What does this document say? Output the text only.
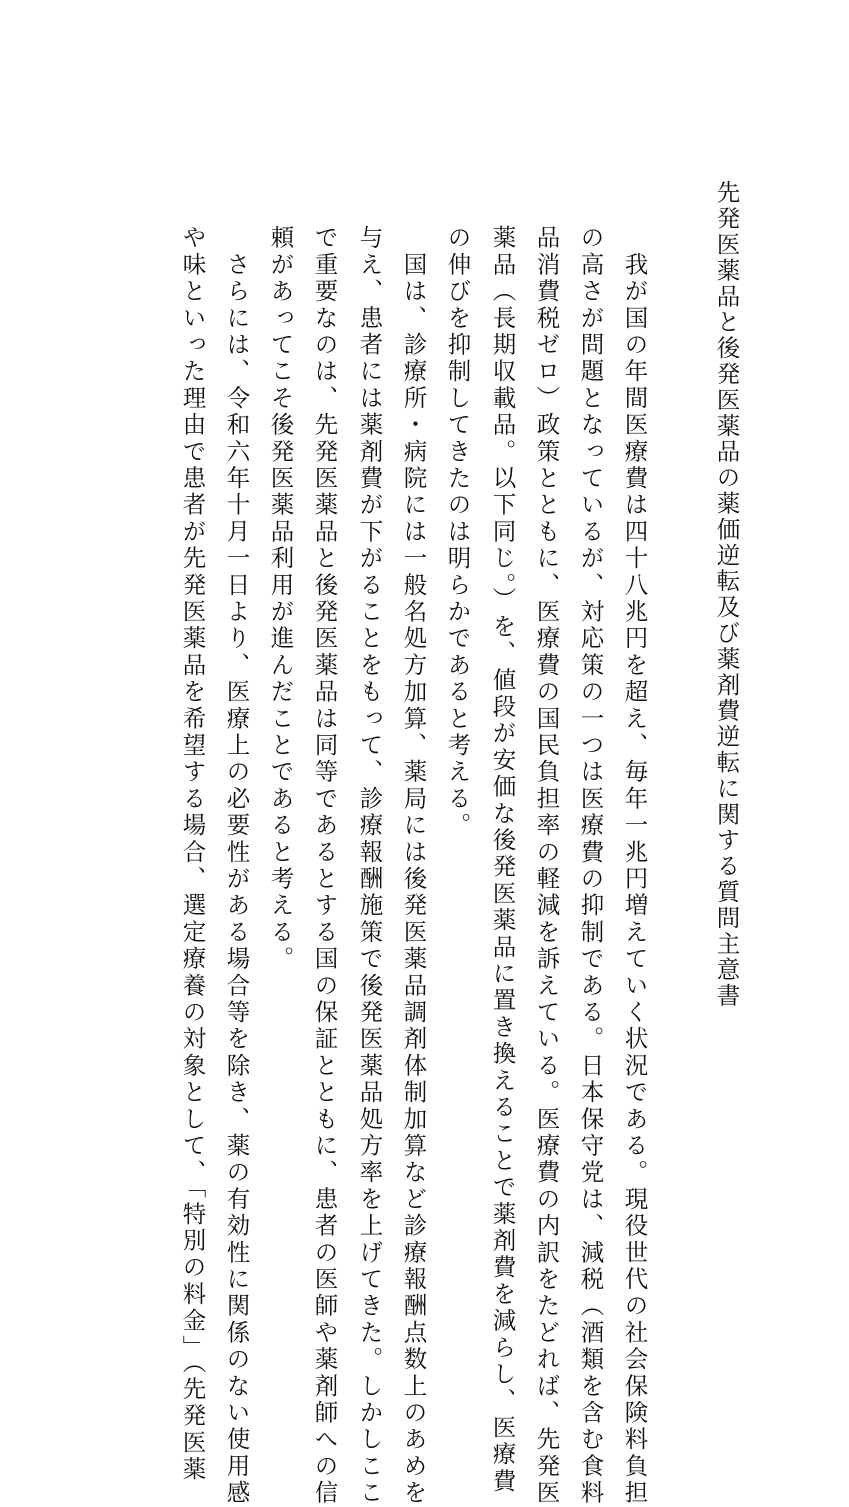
先発医薬品と後発医薬品の薬価逆転及び薬剤費逆転に関する質問主意書
　我が国の年間医療費は四十八兆円を超え、毎年一兆円増えていく状況である。現役世代の社会保険料負担
の高さが問題となっているが、対応策の一つは医療費の抑制である。日本保守党は、減税（酒類を含む食料
品消費税ゼロ）政策とともに、医療費の国民負担率の軽減を訴えている。医療費の内訳をたどれば、先発医
薬品（長期収載品。以下同じ。）を、値段が安価な後発医薬品に置き換えることで薬剤費を減らし、医療費
の伸びを抑制してきたのは明らかであると考える。
　国は、診療所・病院には一般名処方加算、薬局には後発医薬品調剤体制加算など診療報酬点数上のあめを
与え、患者には薬剤費が下がることをもって、診療報酬施策で後発医薬品処方率を上げてきた。しかしここ
で重要なのは、先発医薬品と後発医薬品は同等であるとする国の保証とともに、患者の医師や薬剤師への信
頼があってこそ後発医薬品利用が進んだことであると考える。
　さらには、令和六年十月一日より、医療上の必要性がある場合等を除き、薬の有効性に関係のない使用感
や味といった理由で患者が先発医薬品を希望する場合、選定療養の対象として、「特別の料金」（先発医薬
